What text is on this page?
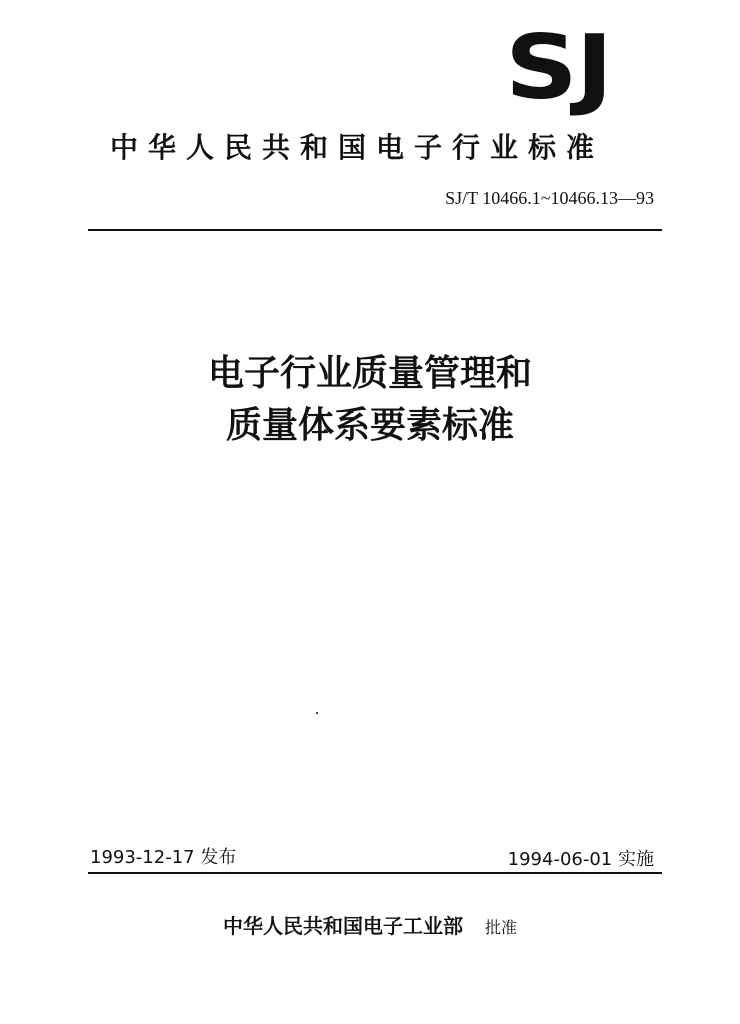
SJ
中华人民共和国电子行业标准
SJ/T 10466.1~10466.13—93
电子行业质量管理和
质量体系要素标准
1993-12-17 发布	1994-06-01 实施
中华人民共和国电子工业部 批准
